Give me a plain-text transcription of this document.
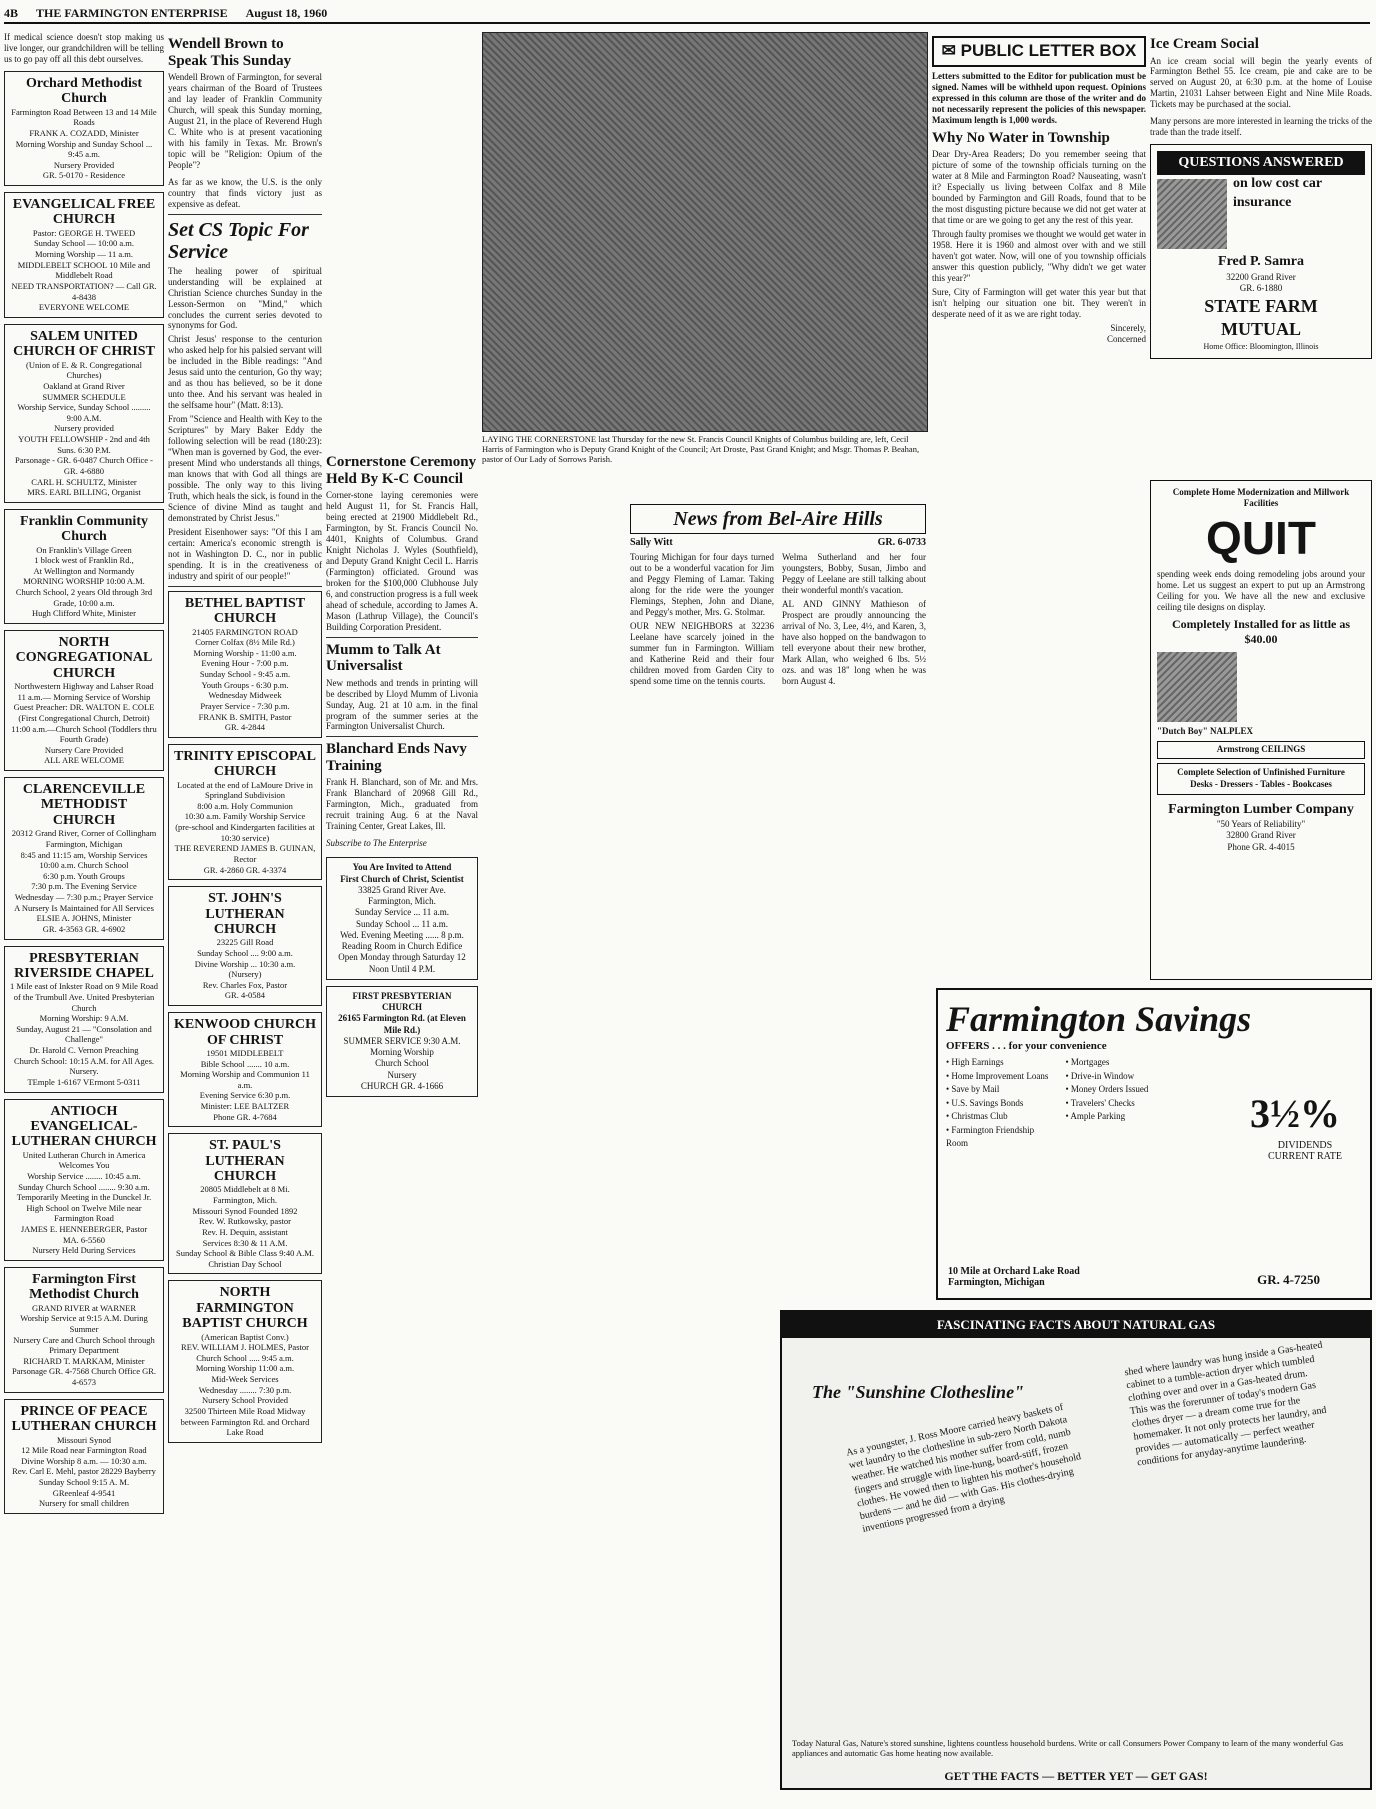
4B THE FARMINGTON ENTERPRISE August 18, 1960
If medical science doesn't stop making us live longer, our grandchildren will be telling us to go pay off all this debt ourselves.
Orchard Methodist Church
Farmington Road Between 13 and 14 Mile Roads
FRANK A. COZADD, Minister
Morning Worship and Sunday School ... 9:45 a.m.
Nursery Provided
GR. 5-0170 - Residence
EVANGELICAL FREE CHURCH
Pastor: GEORGE H. TWEED
Sunday School — 10:00 a.m.
Morning Worship — 11 a.m.
MIDDLEBELT SCHOOL 10 Mile and Middlebelt Road
NEED TRANSPORTATION? — Call GR. 4-8438
EVERYONE WELCOME
SALEM UNITED CHURCH OF CHRIST
(Union of E. & R. Congregational Churches)
Oakland at Grand River
SUMMER SCHEDULE
Worship Service, Sunday School ......... 9:00 A.M.
Nursery provided
YOUTH FELLOWSHIP - 2nd and 4th Suns. 6:30 P.M.
Parsonage - GR. 6-0487 Church Office - GR. 4-6880
CARL H. SCHULTZ, Minister
MRS. EARL BILLING, Organist
Franklin Community Church
On Franklin's Village Green
1 block west of Franklin Rd.,
At Wellington and Normandy
MORNING WORSHIP 10:00 A.M.
Church School, 2 years Old through 3rd Grade, 10:00 a.m.
Hugh Clifford White, Minister
NORTH CONGREGATIONAL CHURCH
Northwestern Highway and Lahser Road
11 a.m.— Morning Service of Worship
Guest Preacher: DR. WALTON E. COLE
(First Congregational Church, Detroit)
11:00 a.m.—Church School (Toddlers thru Fourth Grade)
Nursery Care Provided
ALL ARE WELCOME
CLARENCEVILLE METHODIST CHURCH
20312 Grand River, Corner of Collingham
Farmington, Michigan
8:45 and 11:15 am, Worship Services
10:00 a.m. Church School
6:30 p.m. Youth Groups
7:30 p.m. The Evening Service
Wednesday — 7:30 p.m.; Prayer Service
A Nursery Is Maintained for All Services
ELSIE A. JOHNS, Minister
GR. 4-3563 GR. 4-6902
PRESBYTERIAN RIVERSIDE CHAPEL
1 Mile east of Inkster Road on 9 Mile Road
of the Trumbull Ave. United Presbyterian Church
Morning Worship: 9 A.M.
Sunday, August 21 — "Consolation and Challenge"
Dr. Harold C. Vernon Preaching
Church School: 10:15 A.M. for All Ages. Nursery.
TEmple 1-6167 VErmont 5-0311
ANTIOCH EVANGELICAL-LUTHERAN CHURCH
United Lutheran Church in America
Welcomes You
Worship Service ........ 10:45 a.m.
Sunday Church School ........ 9:30 a.m.
Temporarily Meeting in the Dunckel Jr. High School on Twelve Mile near Farmington Road
JAMES E. HENNEBERGER, Pastor
MA. 6-5560
Nursery Held During Services
Farmington First Methodist Church
GRAND RIVER at WARNER
Worship Service at 9:15 A.M. During Summer
Nursery Care and Church School through Primary Department
RICHARD T. MARKAM, Minister
Parsonage GR. 4-7568 Church Office GR. 4-6573
PRINCE OF PEACE LUTHERAN CHURCH
Missouri Synod
12 Mile Road near Farmington Road
Divine Worship 8 a.m. — 10:30 a.m.
Rev. Carl E. Mehl, pastor 28229 Bayberry
Sunday School 9:15 A. M.
GReenleaf 4-9541
Nursery for small children
Wendell Brown to Speak This Sunday
Wendell Brown of Farmington, for several years chairman of the Board of Trustees and lay leader of Franklin Community Church, will speak this Sunday morning, August 21, in the place of Reverend Hugh C. White who is at present vacationing with his family in Texas. Mr. Brown's topic will be "Religion: Opium of the People"?
As far as we know, the U.S. is the only country that finds victory just as expensive as defeat.
Set CS Topic For Service

The healing power of spiritual understanding will be explained at Christian Science churches Sunday in the Lesson-Sermon on "Mind," which concludes the current series devoted to synonyms for God.

Christ Jesus' response to the centurion who asked help for his palsied servant will be included in the Bible readings: "And Jesus said unto the centurion, Go thy way; and as thou has believed, so be it done unto thee. And his servant was healed in the selfsame hour" (Matt. 8:13).

From "Science and Health with Key to the Scriptures" by Mary Baker Eddy the following selection will be read (180:23): "When man is governed by God, the ever-present Mind who understands all things, man knows that with God all things are possible. The only way to this living Truth, which heals the sick, is found in the Science of divine Mind as taught and demonstrated by Christ Jesus."

President Eisenhower says: "Of this I am certain: America's economic strength is not in Washington D. C., nor in public spending. It is in the creativeness of industry and spirit of our people!"

BETHEL BAPTIST CHURCH
21405 FARMINGTON ROAD
Corner Colfax (8½ Mile Rd.)
Morning Worship - 11:00 a.m.
Evening Hour - 7:00 p.m.
Sunday School - 9:45 a.m.
Youth Groups - 6:30 p.m.
Wednesday Midweek
Prayer Service - 7:30 p.m.
FRANK B. SMITH, Pastor
GR. 4-2844
TRINITY EPISCOPAL CHURCH
Located at the end of LaMoure Drive in Springland Subdivision
8:00 a.m. Holy Communion
10:30 a.m. Family Worship Service
(pre-school and Kindergarten facilities at 10:30 service)
THE REVEREND JAMES B. GUINAN, Rector
GR. 4-2860 GR. 4-3374
ST. JOHN'S LUTHERAN CHURCH
23225 Gill Road
Sunday School .... 9:00 a.m.
Divine Worship ... 10:30 a.m.
(Nursery)
Rev. Charles Fox, Pastor
GR. 4-0584
KENWOOD CHURCH OF CHRIST
19501 MIDDLEBELT
Bible School ....... 10 a.m.
Morning Worship and Communion 11 a.m.
Evening Service 6:30 p.m.
Minister: LEE BALTZER
Phone GR. 4-7684
ST. PAUL'S LUTHERAN CHURCH
20805 Middlebelt at 8 Mi.
Farmington, Mich.
Missouri Synod Founded 1892
Rev. W. Rutkowsky, pastor
Rev. H. Dequin, assistant
Services 8:30 & 11 A.M.
Sunday School & Bible Class 9:40 A.M.
Christian Day School
NORTH FARMINGTON BAPTIST CHURCH
(American Baptist Conv.)
REV. WILLIAM J. HOLMES, Pastor
Church School ..... 9:45 a.m.
Morning Worship 11:00 a.m.
Mid-Week Services
Wednesday ........ 7:30 p.m.
Nursery School Provided
32500 Thirteen Mile Road Midway between Farmington Rd. and Orchard Lake Road
Cornerstone Ceremony Held By K-C Council
Corner-stone laying ceremonies were held August 11, for St. Francis Hall, being erected at 21900 Middlebelt Rd., Farmington, by St. Francis Council No. 4401, Knights of Columbus. Grand Knight Nicholas J. Wyles (Southfield), and Deputy Grand Knight Cecil L. Harris (Farmington) officiated. Ground was broken for the $100,000 Clubhouse July 6, and construction progress is a full week ahead of schedule, according to James A. Mason (Lathrup Village), the Council's Building Corporation President.
Mumm to Talk At Universalist
New methods and trends in printing will be described by Lloyd Mumm of Livonia Sunday, Aug. 21 at 10 a.m. in the final program of the summer series at the Farmington Universalist Church.
Blanchard Ends Navy Training
Frank H. Blanchard, son of Mr. and Mrs. Frank Blanchard of 20968 Gill Rd., Farmington, Mich., graduated from recruit training Aug. 6 at the Naval Training Center, Great Lakes, Ill.
Subscribe to The Enterprise
You Are Invited to Attend
First Church of Christ, Scientist
33825 Grand River Ave.
Farmington, Mich.
Sunday Service ... 11 a.m.
Sunday School ... 11 a.m.
Wed. Evening Meeting ...... 8 p.m.
Reading Room in Church Edifice Open Monday through Saturday 12 Noon Until 4 P.M.
FIRST PRESBYTERIAN CHURCH
26165 Farmington Rd. (at Eleven Mile Rd.)
SUMMER SERVICE 9:30 A.M.
Morning Worship
Church School
Nursery
CHURCH GR. 4-1666
LAYING THE CORNERSTONE last Thursday for the new St. Francis Council Knights of Columbus building are, left, Cecil Harris of Farmington who is Deputy Grand Knight of the Council; Art Droste, Past Grand Knight; and Msgr. Thomas P. Beahan, pastor of Our Lady of Sorrows Parish.
News from Bel-Aire Hills
Sally Witt	GR. 6-0733

Touring Michigan for four days turned out to be a wonderful vacation for Jim and Peggy Fleming of Lamar. Taking along for the ride were the younger Flemings, Stephen, John and Diane, and Peggy's mother, Mrs. G. Stolmar.

OUR NEW NEIGHBORS at 32236 Leelane have scarcely joined in the summer fun in Farmington. William and Katherine Reid and their four children moved from Garden City to spend some time on the tennis courts.

Welma Sutherland and her four youngsters, Bobby, Susan, Jimbo and Peggy of Leelane are still talking about their wonderful month's vacation.

AL AND GINNY Mathieson of Prospect are proudly announcing the arrival of No. 3, Lee, 4½, and Karen, 3, have also hopped on the bandwagon to tell everyone about their new brother, Mark Allan, who weighed 6 lbs. 5½ ozs. and was 18" long when he was born August 4.

✉ PUBLIC LETTER BOX
Letters submitted to the Editor for publication must be signed. Names will be withheld upon request. Opinions expressed in this column are those of the writer and do not necessarily represent the policies of this newspaper. Maximum length is 1,000 words.
Why No Water in Township

Dear Dry-Area Readers; Do you remember seeing that picture of some of the township officials turning on the water at 8 Mile and Farmington Road? Nauseating, wasn't it? Especially us living between Colfax and 8 Mile bounded by Farmington and Gill Roads, found that to be the most disgusting picture because we did not get water at that time or are we going to get any the rest of this year.

Through faulty promises we thought we would get water in 1958. Here it is 1960 and almost over with and we still haven't got water. Now, will one of you township officials answer this question publicly, "Why didn't we get water this year?"

Sure, City of Farmington will get water this year but that isn't helping our situation one bit. They weren't in desperate need of it as we are right today.

Sincerely,
Concerned

Ice Cream Social
An ice cream social will begin the yearly events of Farmington Bethel 55. Ice cream, pie and cake are to be served on August 20, at 6:30 p.m. at the home of Louise Martin, 21031 Lahser between Eight and Nine Mile Roads. Tickets may be purchased at the social.
Many persons are more interested in learning the tricks of the trade than the trade itself.
QUESTIONS ANSWERED
on low cost car insurance
Fred P. Samra
32200 Grand River
GR. 6-1880
STATE FARM
MUTUAL
Home Office: Bloomington, Illinois
Complete Home Modernization and Millwork Facilities
QUIT
spending week ends doing remodeling jobs around your home. Let us suggest an expert to put up an Armstrong Ceiling for you. We have all the new and exclusive ceiling tile designs on display.
Completely Installed for as little as $40.00
"Dutch Boy" NALPLEX
Armstrong CEILINGS
Complete Selection of Unfinished Furniture
Desks - Dressers - Tables - Bookcases
Farmington Lumber Company
"50 Years of Reliability"
32800 Grand River
Phone GR. 4-4015
Farmington Savings
OFFERS . . . for your convenience
• High Earnings
• Home Improvement Loans
• Save by Mail
• U.S. Savings Bonds
• Christmas Club
• Farmington Friendship Room
• Mortgages
• Drive-in Window
• Money Orders Issued
• Travelers' Checks
• Ample Parking	3½%
DIVIDENDS
CURRENT RATE
10 Mile at Orchard Lake Road
Farmington, Michigan	GR. 4-7250
FASCINATING FACTS ABOUT NATURAL GAS
The "Sunshine Clothesline"
As a youngster, J. Ross Moore carried heavy baskets of wet laundry to the clothesline in sub-zero North Dakota weather. He watched his mother suffer from cold, numb fingers and struggle with line-hung, board-stiff, frozen clothes. He vowed then to lighten his mother's household burdens — and he did — with Gas. His clothes-drying inventions progressed from a drying
shed where laundry was hung inside a Gas-heated cabinet to a tumble-action dryer which tumbled clothing over and over in a Gas-heated drum. This was the forerunner of today's modern Gas clothes dryer — a dream come true for the homemaker. It not only protects her laundry, and provides — automatically — perfect weather conditions for anyday-anytime laundering.
Today Natural Gas, Nature's stored sunshine, lightens countless household burdens. Write or call Consumers Power Company to learn of the many wonderful Gas appliances and automatic Gas home heating now available.
GET THE FACTS — BETTER YET — GET GAS!
